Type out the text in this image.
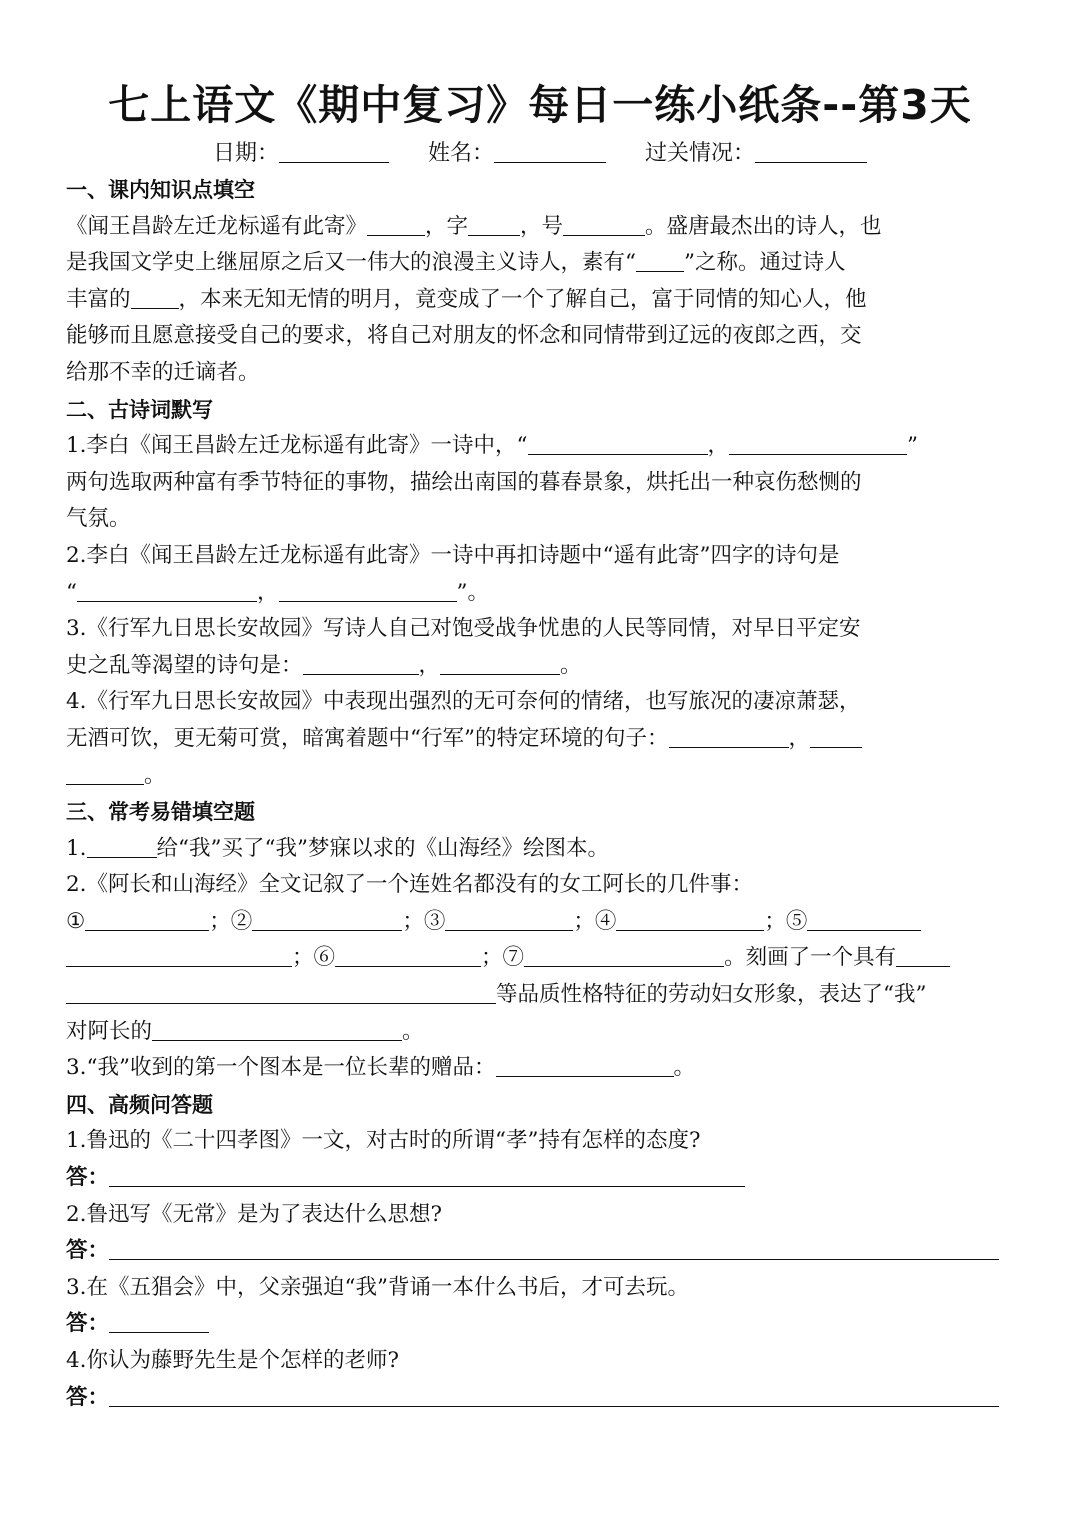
七上语文《期中复习》每日一练小纸条--第3天
日期：	姓名：	过关情况：

一、课内知识点填空

《闻王昌龄左迁龙标遥有此寄》	，字 ，号	。盛唐最杰出的诗人，也

是我国文学史上继屈原之后又一伟大的浪漫主义诗人，素有“ ”之称。通过诗人

丰富的 ，本来无知无情的明月，竟变成了一个了解自己，富于同情的知心人，他

能够而且愿意接受自己的要求，将自己对朋友的怀念和同情带到辽远的夜郎之西，交

给那不幸的迁谪者。

二、古诗词默写

1.李白《闻王昌龄左迁龙标遥有此寄》一诗中，“	，	”

两句选取两种富有季节特征的事物，描绘出南国的暮春景象，烘托出一种哀伤愁恻的

气氛。

2.李白《闻王昌龄左迁龙标遥有此寄》一诗中再扣诗题中“遥有此寄”四字的诗句是

“	，	”。

3.《行军九日思长安故园》写诗人自己对饱受战争忧患的人民等同情，对早日平定安

史之乱等渴望的诗句是：	，	。

4.《行军九日思长安故园》中表现出强烈的无可奈何的情绪，也写旅况的凄凉萧瑟，

无酒可饮，更无菊可赏，暗寓着题中“行军”的特定环境的句子：	，

。

三、常考易错填空题

1.	给“我”买了“我”梦寐以求的《山海经》绘图本。

2.《阿长和山海经》全文记叙了一个连姓名都没有的女工阿长的几件事：

①	；②	；③	；④	；⑤

；⑥	；⑦	。刻画了一个具有

等品质性格特征的劳动妇女形象，表达了“我”

对阿长的	。

3.“我”收到的第一个图本是一位长辈的赠品：	。

四、高频问答题

1.鲁迅的《二十四孝图》一文，对古时的所谓“孝”持有怎样的态度?

答：

2.鲁迅写《无常》是为了表达什么思想?

答：

3.在《五猖会》中，父亲强迫“我”背诵一本什么书后，才可去玩。

答：

4.你认为藤野先生是个怎样的老师?

答：
